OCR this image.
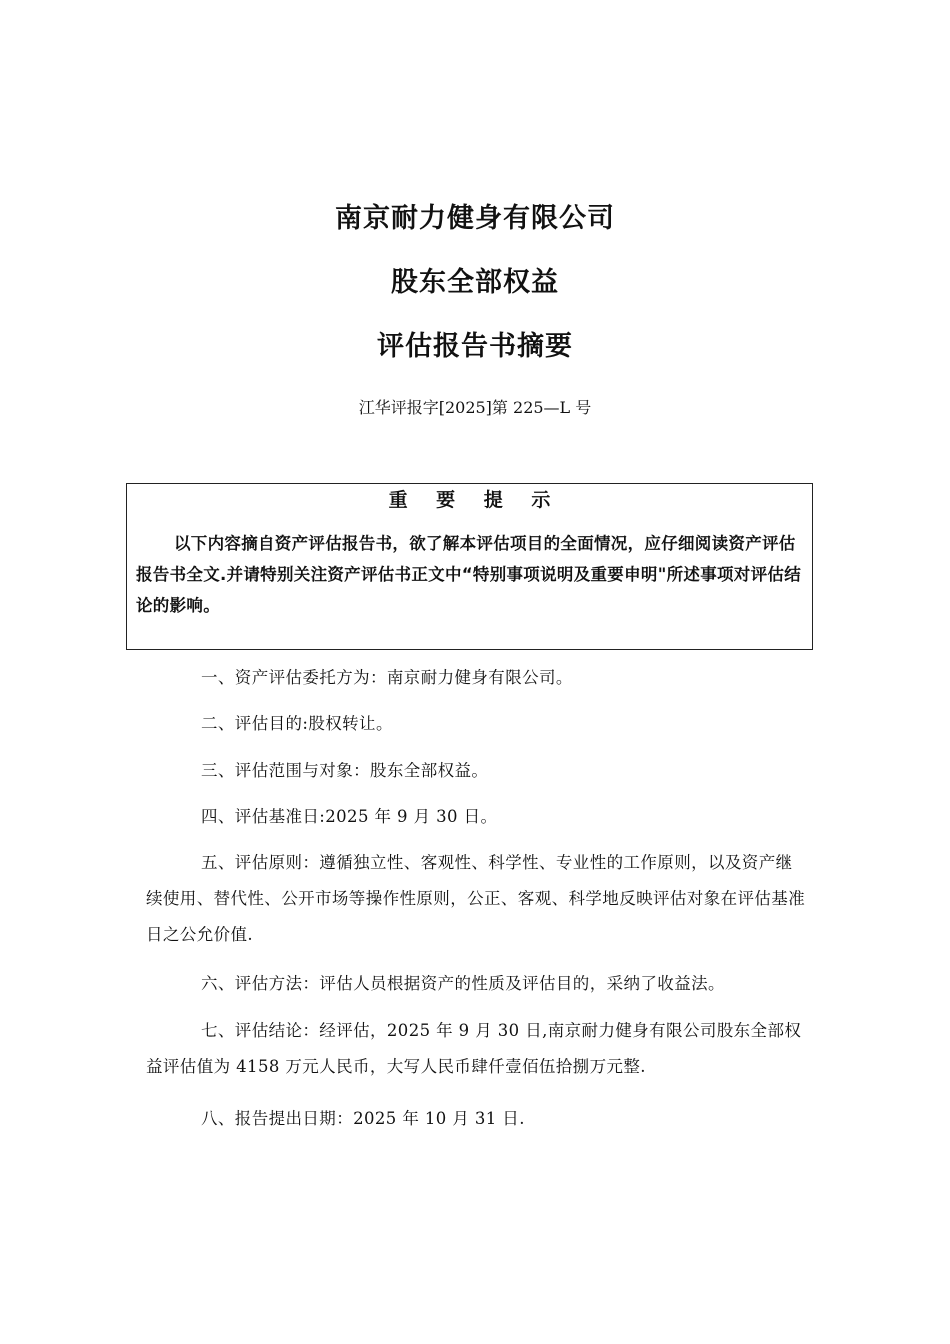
南京耐力健身有限公司
股东全部权益
评估报告书摘要
江华评报字[2025]第 225—L 号
重 要 提 示

以下内容摘自资产评估报告书，欲了解本评估项目的全面情况，应仔细阅读资产评估报告书全文.并请特别关注资产评估书正文中“特别事项说明及重要申明"所述事项对评估结论的影响。

一、资产评估委托方为：南京耐力健身有限公司。

二、评估目的:股权转让。

三、评估范围与对象：股东全部权益。

四、评估基准日:2025 年 9 月 30 日。

五、评估原则：遵循独立性、客观性、科学性、专业性的工作原则，以及资产继续使用、替代性、公开市场等操作性原则，公正、客观、科学地反映评估对象在评估基准日之公允价值.

六、评估方法：评估人员根据资产的性质及评估目的，采纳了收益法。

七、评估结论：经评估，2025 年 9 月 30 日,南京耐力健身有限公司股东全部权益评估值为 4158 万元人民币，大写人民币肆仟壹佰伍拾捌万元整.

八、报告提出日期：2025 年 10 月 31 日.
